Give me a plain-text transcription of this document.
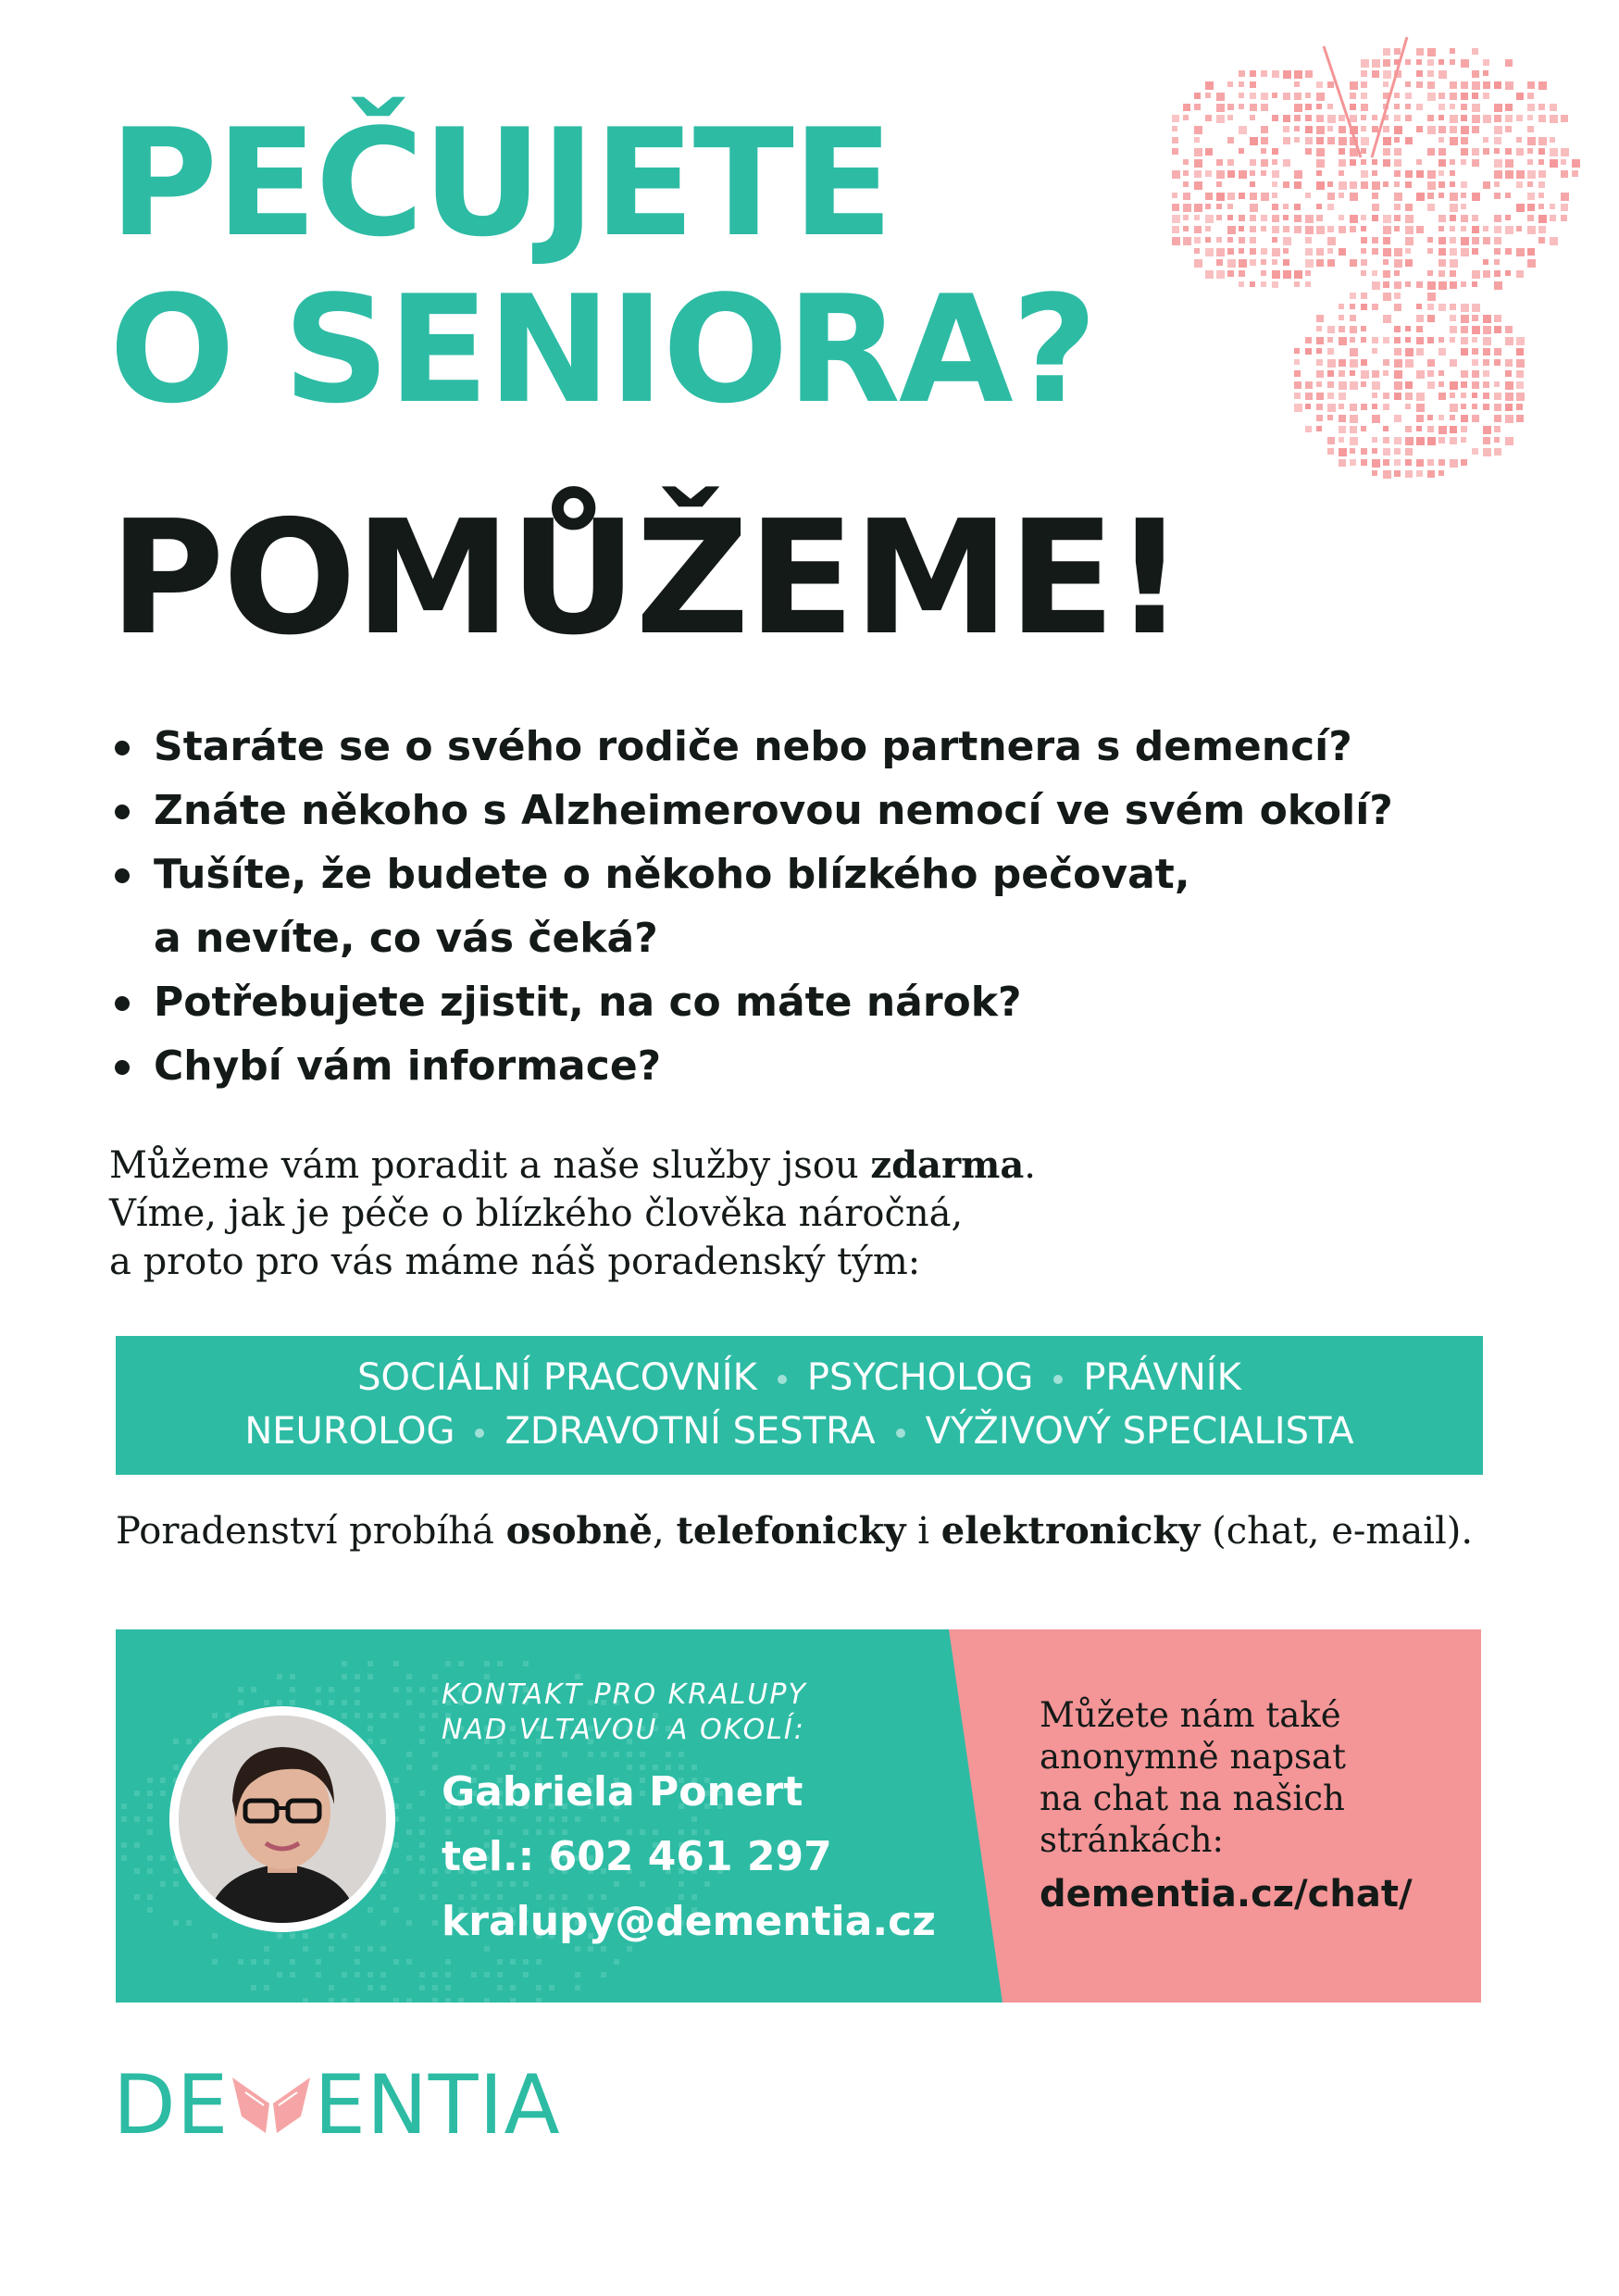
PEČUJETE
O SENIORA?
POMŮŽEME!
Staráte se o svého rodiče nebo partnera s demencí?
Znáte někoho s Alzheimerovou nemocí ve svém okolí?
Tušíte, že budete o někoho blízkého pečovat,
a nevíte, co vás čeká?
Potřebujete zjistit, na co máte nárok?
Chybí vám informace?

Můžeme vám poradit a naše služby jsou zdarma.

Víme, jak je péče o blízkého člověka náročná,

a proto pro vás máme náš poradenský tým:

SOCIÁLNÍ PRACOVNÍK PSYCHOLOG PRÁVNÍK
NEUROLOG ZDRAVOTNÍ SESTRA VÝŽIVOVÝ SPECIALISTA

Poradenství probíhá osobně, telefonicky i elektronicky (chat, e-mail).

KONTAKT PRO KRALUPY
NAD VLTAVOU A OKOLÍ:
Gabriela Ponert
tel.: 602 461 297
kralupy@dementia.cz
Můžete nám také
anonymně napsat
na chat na našich
stránkách:
dementia.cz/chat/
DE ENTIA
